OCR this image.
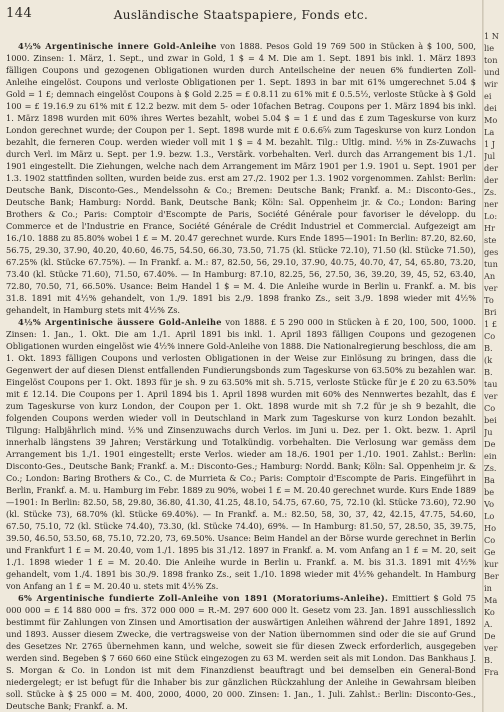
144	Ausländische Staatspapiere, Fonds etc.

4½% Argentinische innere Gold-Anleihe von 1888. Pesos Gold 19 769 500 in Stücken à $ 100, 500, 1000. Zinsen: 1. März, 1. Sept., und zwar in Gold, 1 $ = 4 M. Die am 1. Sept. 1891 bis inkl. 1. März 1893 fälligen Coupons und gezogenen Obligationen wurden durch Anteilscheine der neuen 6% fundierten Zoll-Anleihe eingelöst. Coupons und verloste Obligationen per 1. Sept. 1893 in bar mit 61% umgerechnet 5.04 $ Gold = 1 £; demnach eingelöst Coupons à $ Gold 2.25 = £ 0.8.11 zu 61% mit £ 0.5.5½, verloste Stücke à $ Gold 100 = £ 19.16.9 zu 61% mit £ 12.2 bezw. mit dem 5- oder 10fachen Betrag. Coupons per 1. März 1894 bis inkl. 1. März 1898 wurden mit 60% ihres Wertes bezahlt, wobei 5.04 $ = 1 £ und das £ zum Tageskurse von kurz London gerechnet wurde; der Coupon per 1. Sept. 1898 wurde mit £ 0.6.6⅝ zum Tageskurse von kurz London bezahlt, die ferneren Coup. werden wieder voll mit 1 $ = 4 M. bezahlt. Tilg.: Ultlg. mind. ½% in Zs-Zuwachs durch Verl. im März u. Sept. per 1.9. bezw. 1.3., Verstärk. vorbehalten. Verl. durch das Arrangement bis 1./1. 1901 eingestellt. Die Ziehungen, welche nach dem Arrangement im März 1901 per 1.9. 1901 u. Sept. 1901 per 1.3. 1902 stattfinden sollten, wurden beide zus. erst am 27./2. 1902 per 1.3. 1902 vorgenommen. Zahlst: Berlin: Deutsche Bank, Disconto-Ges., Mendelssohn & Co.; Bremen: Deutsche Bank; Frankf. a. M.: Disconto-Ges., Deutsche Bank; Hamburg: Nordd. Bank, Deutsche Bank; Köln: Sal. Oppenheim jr. & Co.; London: Baring Brothers & Co.; Paris: Comptoir d'Escompte de Paris, Société Générale pour favoriser le développ. du Commerce et de l'Industrie en France, Société Générale de Crédit Industriel et Commercial. Aufgezeigt am 16./10. 1888 zu 85.80% wobei 1 £ = M. 20.47 gerechnet wurde. Kurs Ende 1895—1901: In Berlin: 87.20, 82.60, 56.75, 29.30, 37.90, 40.20, 40.60, 46.75, 54.50, 66.30, 73.50, 71.75 (kl. Stücke 72.10), 71.50 (kl. Stücke 71.50), 67.25% (kl. Stücke 67.75%). — In Frankf. a. M.: 87, 82.50, 56, 29.10, 37.90, 40.75, 40.70, 47, 54, 65.80, 73.20, 73.40 (kl. Stücke 71.60), 71.50, 67.40%. — In Hamburg: 87.10, 82.25, 56, 27.50, 36, 39.20, 39, 45, 52, 63.40, 72.80, 70.50, 71, 66.50%. Usance: Beim Handel 1 $ = M. 4. Die Anleihe wurde in Berlin u. Frankf. a. M. bis 31.8. 1891 mit 4½% gehandelt, von 1./9. 1891 bis 2./9. 1898 franko Zs., seit 3./9. 1898 wieder mit 4½% gehandelt, in Hamburg stets mit 4½% Zs.

4½% Argentinische äussere Gold-Anleihe von 1888. £ 5 290 000 in Stücken à £ 20, 100, 500, 1000. Zinsen: 1. Jan., 1. Okt. Die am 1./1. April 1891 bis inkl. 1. April 1893 fälligen Coupons und gezogenen Obligationen wurden eingelöst wie 4½% innere Gold-Anleihe von 1888. Die Nationalregierung beschloss, die am 1. Okt. 1893 fälligen Coupons und verlosten Obligationen in der Weise zur Einlösung zu bringen, dass die Gegenwert der auf diesen Dienst entfallenden Fundierungsbonds zum Tageskurse von 63.50% zu bezahlen war. Eingelöst Coupons per 1. Okt. 1893 für je sh. 9 zu 63.50% mit sh. 5.715, verloste Stücke für je £ 20 zu 63.50% mit £ 12.14. Die Coupons per 1. April 1894 bis 1. April 1898 wurden mit 60% des Nennwertes bezahlt, das £ zum Tageskurse von kurz London, der Coupon per 1. Okt. 1898 wurde mit sh 7.2 für je sh 9 bezahlt, die folgenden Coupons werden wieder voll in Deutschland in Mark zum Tageskurse von kurz London bezahlt. Tilgung: Halbjährlich mind. ½% und Zinsenzuwachs durch Verlos. im Juni u. Dez. per 1. Okt. bezw. 1. April innerhalb längstens 39 Jahren; Verstärkung und Totalkündig. vorbehalten. Die Verlosung war gemäss dem Arrangement bis 1./1. 1901 eingestellt; erste Verlos. wieder am 18./6. 1901 per 1./10. 1901. Zahlst.: Berlin: Disconto-Ges., Deutsche Bank; Frankf. a. M.: Disconto-Ges.; Hamburg: Nordd. Bank; Köln: Sal. Oppenheim jr. & Co.; London: Baring Brothers & Co., C. de Murrieta & Co.; Paris: Comptoir d'Escompte de Paris. Eingeführt in Berlin, Frankf. a. M. u. Hamburg im Febr. 1889 zu 90%, wobei 1 £ = M. 20.40 gerechnet wurde. Kurs Ende 1889—1901: In Berlin: 82.50, 58, 29.80, 36.80, 41.30, 41.25, 48.10, 54.75, 67.60, 75, 72.10 (kl. Stücke 73.60), 72.90 (kl. Stücke 73), 68.70% (kl. Stücke 69.40%). — In Frankf. a. M.: 82.50, 58, 30, 37, 42, 42.15, 47.75, 54.60, 67.50, 75.10, 72 (kl. Stücke 74.40), 73.30, (kl. Stücke 74.40), 69%. — In Hamburg: 81.50, 57, 28.50, 35, 39.75, 39.50, 46.50, 53.50, 68, 75.10, 72.20, 73, 69.50%. Usance: Beim Handel an der Börse wurde gerechnet in Berlin und Frankfurt 1 £ = M. 20.40, vom 1./1. 1895 bis 31./12. 1897 in Frankf. a. M. vom Anfang an 1 £ = M. 20, seit 1./1. 1898 wieder 1 £ = M. 20.40. Die Anleihe wurde in Berlin u. Frankf. a. M. bis 31.3. 1891 mit 4½% gehandelt, vom 1./4. 1891 bis 30./9. 1898 franko Zs., seit 1./10. 1898 wieder mit 4½% gehandelt. In Hamburg von Anfang an 1 £ = M. 20.40 u. stets mit 4½% Zs.

6% Argentinische fundierte Zoll-Anleihe von 1891 (Moratoriums-Anleihe). Emittiert $ Gold 75 000 000 = £ 14 880 000 = frs. 372 000 000 = R.-M. 297 600 000 lt. Gesetz vom 23. Jan. 1891 ausschliesslich bestimmt für Zahlungen von Zinsen und Amortisation der auswärtigen Anleihen während der Jahre 1891, 1892 und 1893. Ausser diesem Zwecke, die vertragsweise von der Nation übernommen sind oder die sie auf Grund des Gesetzes Nr. 2765 übernehmen kann, und welche, soweit sie für diesen Zweck erforderlich, ausgegeben werden sind. Begeben $ 7 660 660 eine Stück eingezogen zu 63 M. werden seit als mit London. Das Bankhaus J. S. Morgan & Co. in London ist mit dem Finanzdienst beauftragt und bei demselben ein General-Bond niedergelegt; er ist befugt für die Inhaber bis zur gänzlichen Rückzahlung der Anleihe in Gewahrsam bleiben soll. Stücke à $ 25 000 = M. 400, 2000, 4000, 20 000. Zinsen: 1. Jan., 1. Juli. Zahlst.: Berlin: Disconto-Ges., Deutsche Bank; Frankf. a. M.

1 N
lie
ton
und
wir
ei
dei
Mo
La
1 J
Jul
der
der
Zs.
ner
Lo:
Hr
ste
ges
tun
An
ver
To
Bri
1 £
Co
B.
(k
B.
tau
ver
Co
bei
Ju
De
ein
Zs.
Ba
be
Vo
Lo
Ho
Co
Ge
kur
Ber
in
Ma
Ko
A.
De
ver
B.
Fra
